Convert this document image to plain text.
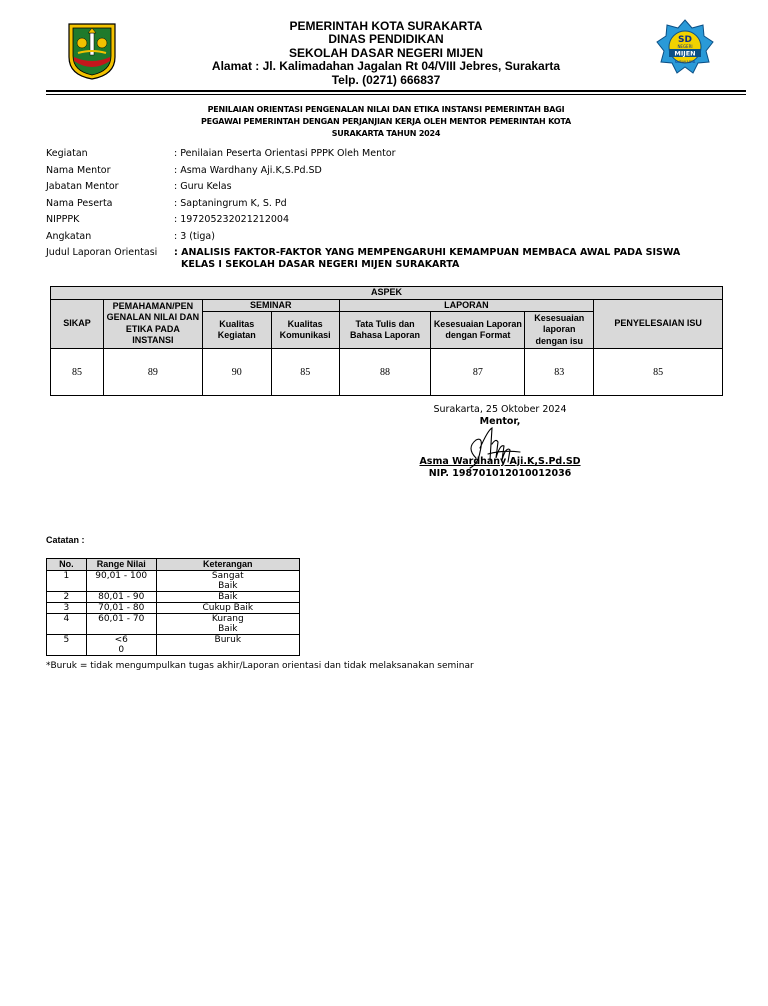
SD
NEGERI
MIJEN
SURAKARTA
PEMERINTAH KOTA SURAKARTA
DINAS PENDIDIKAN
SEKOLAH DASAR NEGERI MIJEN
Alamat : Jl. Kalimadahan Jagalan Rt 04/VIII Jebres, Surakarta
Telp. (0271) 666837
PENILAIAN ORIENTASI PENGENALAN NILAI DAN ETIKA INSTANSI PEMERINTAH BAGI
PEGAWAI PEMERINTAH DENGAN PERJANJIAN KERJA OLEH MENTOR PEMERINTAH KOTA
SURAKARTA TAHUN 2024
Kegiatan	: Penilaian Peserta Orientasi PPPK Oleh Mentor
Nama Mentor	: Asma Wardhany Aji.K,S.Pd.SD
Jabatan Mentor	: Guru Kelas
Nama Peserta	: Saptaningrum K, S. Pd
NIPPPK	: 197205232021212004
Angkatan	: 3 (tiga)
Judul Laporan Orientasi : ANALISIS FAKTOR-FAKTOR YANG MEMPENGARUHI KEMAMPUAN MEMBACA AWAL PADA SISWA
KELAS I SEKOLAH DASAR NEGERI MIJEN SURAKARTA
ASPEK							
SIKAP	PEMAHAMAN/PEN GENALAN NILAI DAN ETIKA PADA INSTANSI	SEMINAR		LAPORAN			PENYELESAIAN ISU
		Kualitas Kegiatan	Kualitas Komunikasi	Tata Tulis dan Bahasa Laporan	Kesesuaian Laporan dengan Format	Kesesuaian laporan dengan isu	
85	89	90	85	88	87	83	85
Surakarta, 25 Oktober 2024
Mentor,
Asma Wardhany Aji.K,S.Pd.SD
NIP. 198701012010012036
Catatan :
No.	Range Nilai	Keterangan
1	90,01 - 100	Sangat Baik

2	80,01 - 90	Baik
3	70,01 - 80	Cukup Baik
4	60,01 - 70	Kurang Baik

5	<60	Buruk
*Buruk = tidak mengumpulkan tugas akhir/Laporan orientasi dan tidak melaksanakan seminar
